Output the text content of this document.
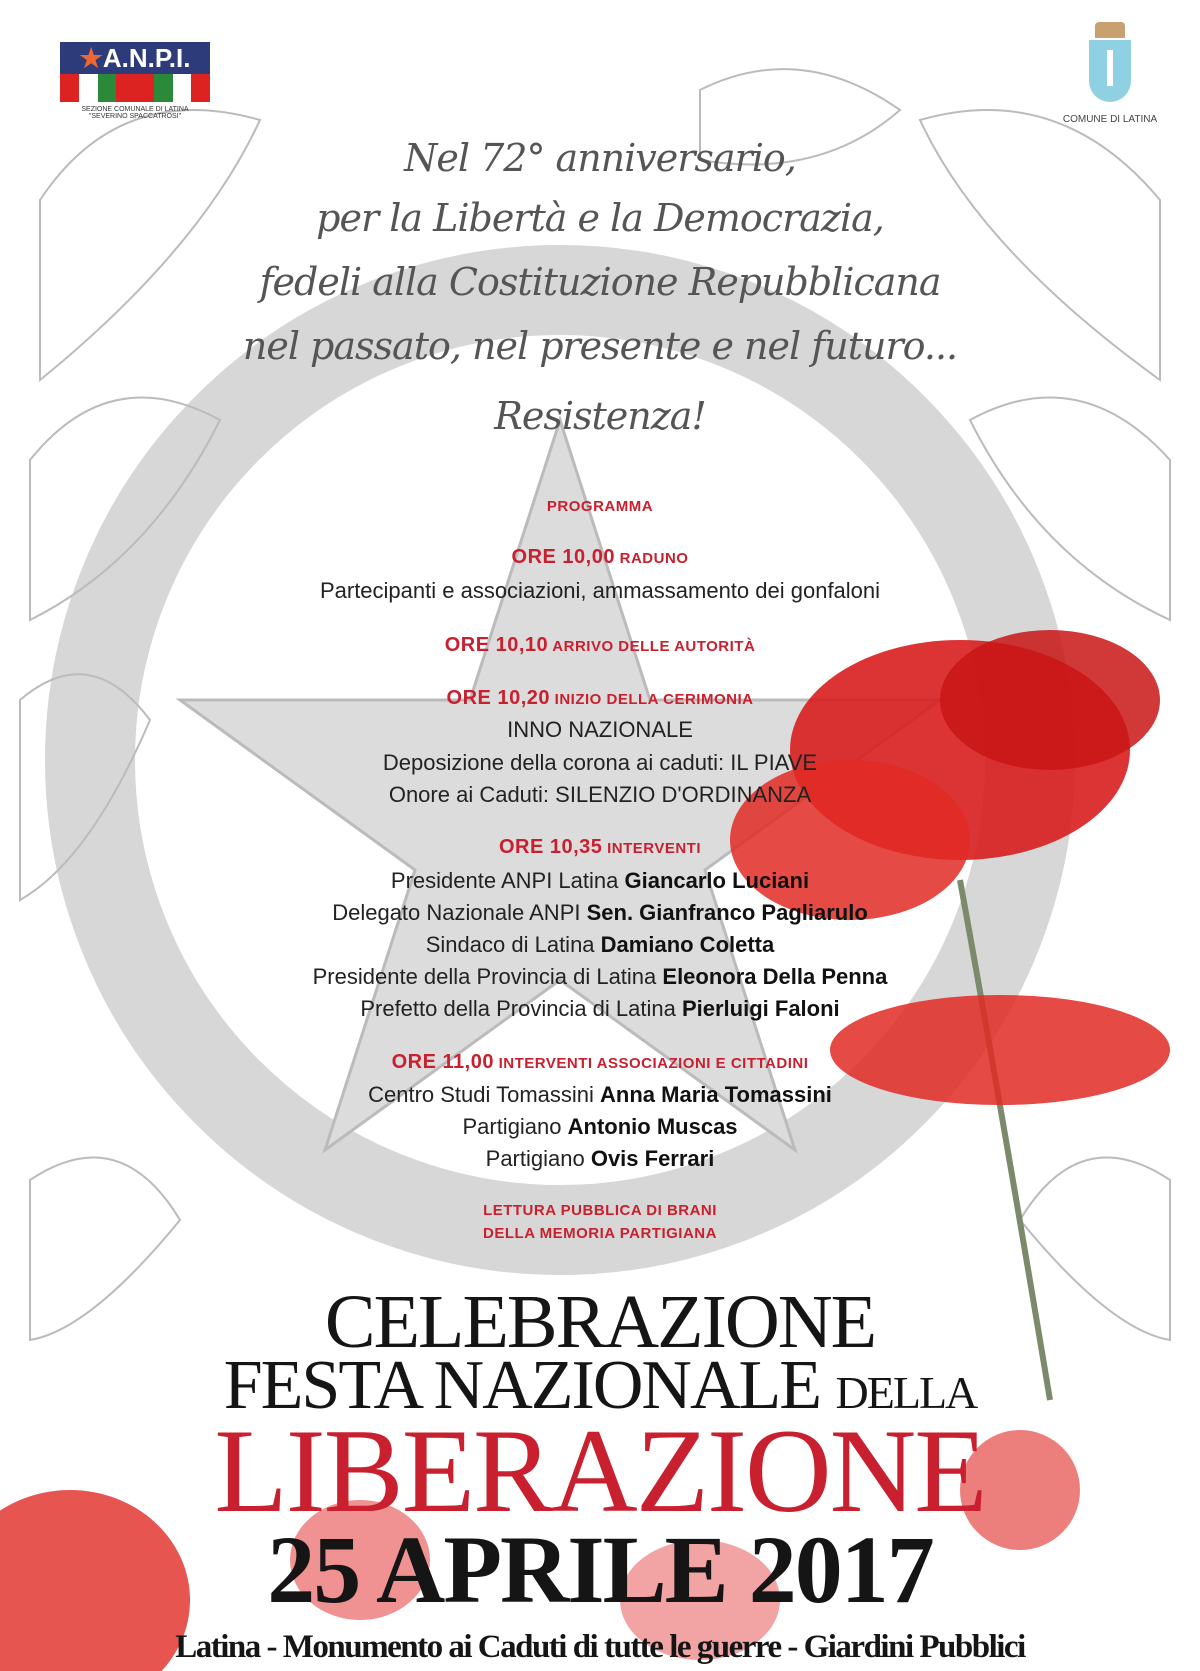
★A.N.P.I.
SEZIONE COMUNALE DI LATINA
"SEVERINO SPACCATROSI"	COMUNE DI LATINA
Nel 72° anniversario,
per la Libertà e la Democrazia,
fedeli alla Costituzione Repubblicana
nel passato, nel presente e nel futuro...
Resistenza!
PROGRAMMA
ORE 10,00 RADUNO
Partecipanti e associazioni, ammassamento dei gonfaloni
ORE 10,10 ARRIVO DELLE AUTORITÀ
ORE 10,20 INIZIO DELLA CERIMONIA
INNO NAZIONALE
Deposizione della corona ai caduti: IL PIAVE
Onore ai Caduti: SILENZIO D'ORDINANZA
ORE 10,35 INTERVENTI
Presidente ANPI Latina Giancarlo Luciani
Delegato Nazionale ANPI Sen. Gianfranco Pagliarulo
Sindaco di Latina Damiano Coletta
Presidente della Provincia di Latina Eleonora Della Penna
Prefetto della Provincia di Latina Pierluigi Faloni
ORE 11,00 INTERVENTI ASSOCIAZIONI E CITTADINI
Centro Studi Tomassini Anna Maria Tomassini
Partigiano Antonio Muscas
Partigiano Ovis Ferrari
LETTURA PUBBLICA DI BRANI
DELLA MEMORIA PARTIGIANA
CELEBRAZIONE
FESTA NAZIONALE DELLA
LIBERAZIONE
25 APRILE 2017
Latina - Monumento ai Caduti di tutte le guerre - Giardini Pubblici
